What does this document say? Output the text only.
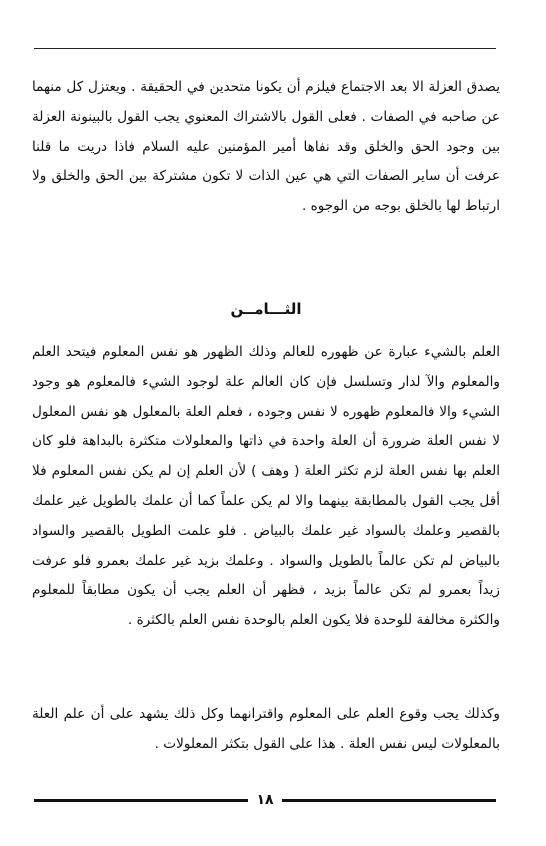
يصدق العزلة الا بعد الاجتماع فيلزم أن يكونا متحدين في الحقيقة . ويعتزل كل منهما عن صاحبه في الصفات . فعلى القول بالاشتراك المعنوي يجب القول بالبينونة العزلة بين وجود الحق والخلق وقد نفاها أمير المؤمنين عليه السلام فاذا دريت ما قلنا عرفت أن ساير الصفات التي هي عين الذات لا تكون مشتركة بين الحق والخلق ولا ارتباط لها بالخلق بوجه من الوجوه .

الثـــامــن

العلم بالشيء عبارة عن ظهوره للعالم وذلك الظهور هو نفس المعلوم فيتحد العلم والمعلوم والآ لدار وتسلسل فإن كان العالم علة لوجود الشيء فالمعلوم هو وجود الشيء والا فالمعلوم ظهوره لا نفس وجوده ، فعلم العلة بالمعلول هو نفس المعلول لا نفس العلة ضرورة أن العلة واحدة في ذاتها والمعلولات متكثرة بالبداهة فلو كان العلم بها نفس العلة لزم تكثر العلة ( وهف ) لأن العلم إن لم يكن نفس المعلوم فلا أقل يجب القول بالمطابقة بينهما والا لم يكن علماً كما أن علمك بالطويل غير علمك بالقصير وعلمك بالسواد غير علمك بالبياض . فلو علمت الطويل بالقصير والسواد بالبياض لم تكن عالماً بالطويل والسواد . وعلمك بزيد غير علمك بعمرو فلو عرفت زيداً بعمرو لم تكن عالماً بزيد ، فظهر أن العلم يجب أن يكون مطابقاً للمعلوم والكثرة مخالفة للوحدة فلا يكون العلم بالوحدة نفس العلم بالكثرة .

وكذلك يجب وقوع العلم على المعلوم واقترانهما وكل ذلك يشهد على أن علم العلة بالمعلولات ليس نفس العلة . هذا على القول بتكثر المعلولات .

١٨
